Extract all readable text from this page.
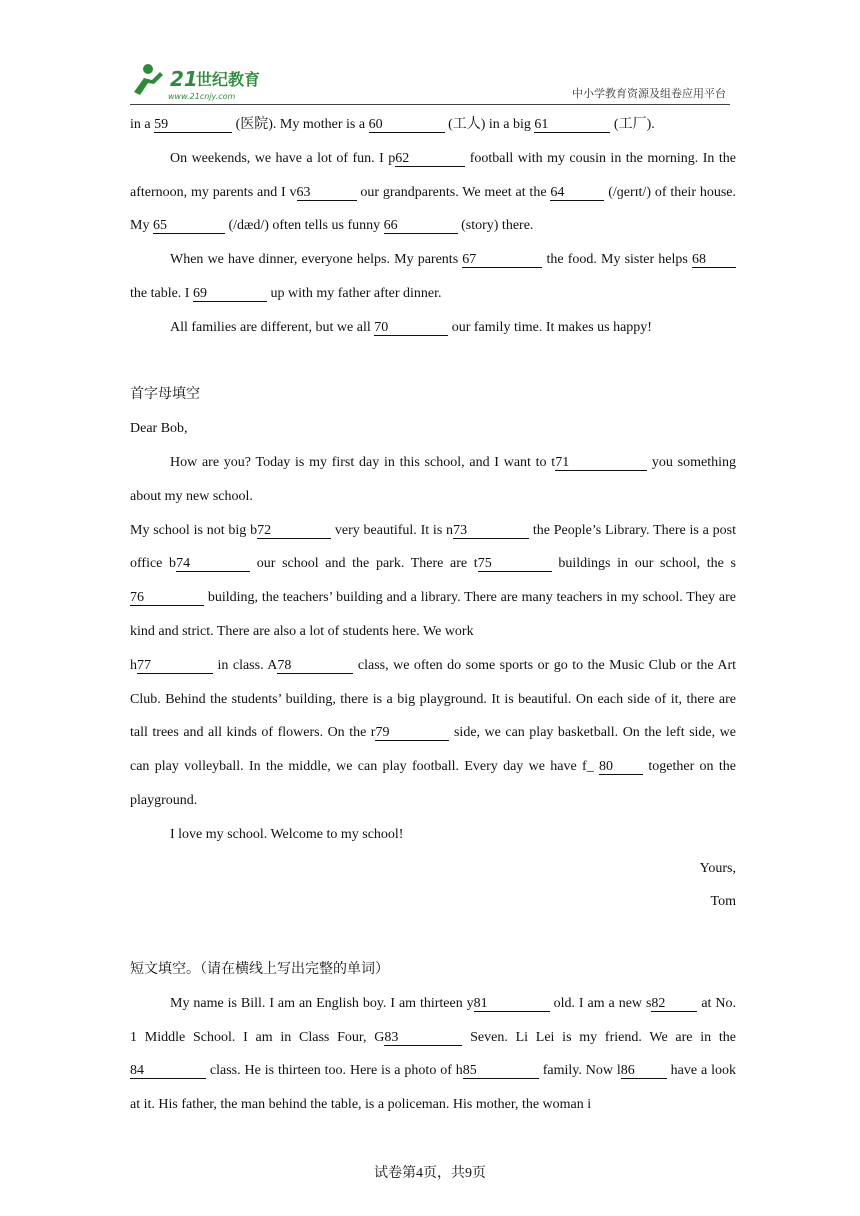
21
世纪教育
www.21cnjy.com	中小学教育资源及组卷应用平台
in a 59	(医院). My mother is a 60	(工人) in a big 61	(工厂).
On weekends, we have a lot of fun. I p62	football with my cousin in the morning. In the afternoon, my parents and I v63	our grandparents. We meet at the 64	(/ɡerɪt/) of their house. My 65	(/dæd/) often tells us funny 66	(story) there.
When we have dinner, everyone helps. My parents 67	the food. My sister helps 68 the table. I 69	up with my father after dinner.
All families are different, but we all 70	our family time. It makes us happy!
首字母填空
Dear Bob,
How are you? Today is my first day in this school, and I want to t71	you something about my new school.
My school is not big b72	very beautiful. It is n73	the People’s Library. There is a post office b74	our school and the park. There are t75	buildings in our school, the s76	building, the teachers’ building and a library. There are many teachers in my school. They are kind and strict. There are also a lot of students here. We work
h77	in class. A78	class, we often do some sports or go to the Music Club or the Art Club. Behind the students’ building, there is a big playground. It is beautiful. On each side of it, there are tall trees and all kinds of flowers. On the r79	side, we can play basketball. On the left side, we can play volleyball. In the middle, we can play football. Every day we have f_ 80 together on the playground.
I love my school. Welcome to my school!
Yours,
Tom
短文填空。（请在横线上写出完整的单词）
My name is Bill. I am an English boy. I am thirteen y81	old. I am a new s82 at No. 1 Middle School. I am in Class Four, G83	Seven. Li Lei is my friend. We are in the 84	class. He is thirteen too. Here is a photo of h85	family. Now l86 have a look at it. His father, the man behind the table, is a policeman. His mother, the woman i
试卷第4页，共9页
